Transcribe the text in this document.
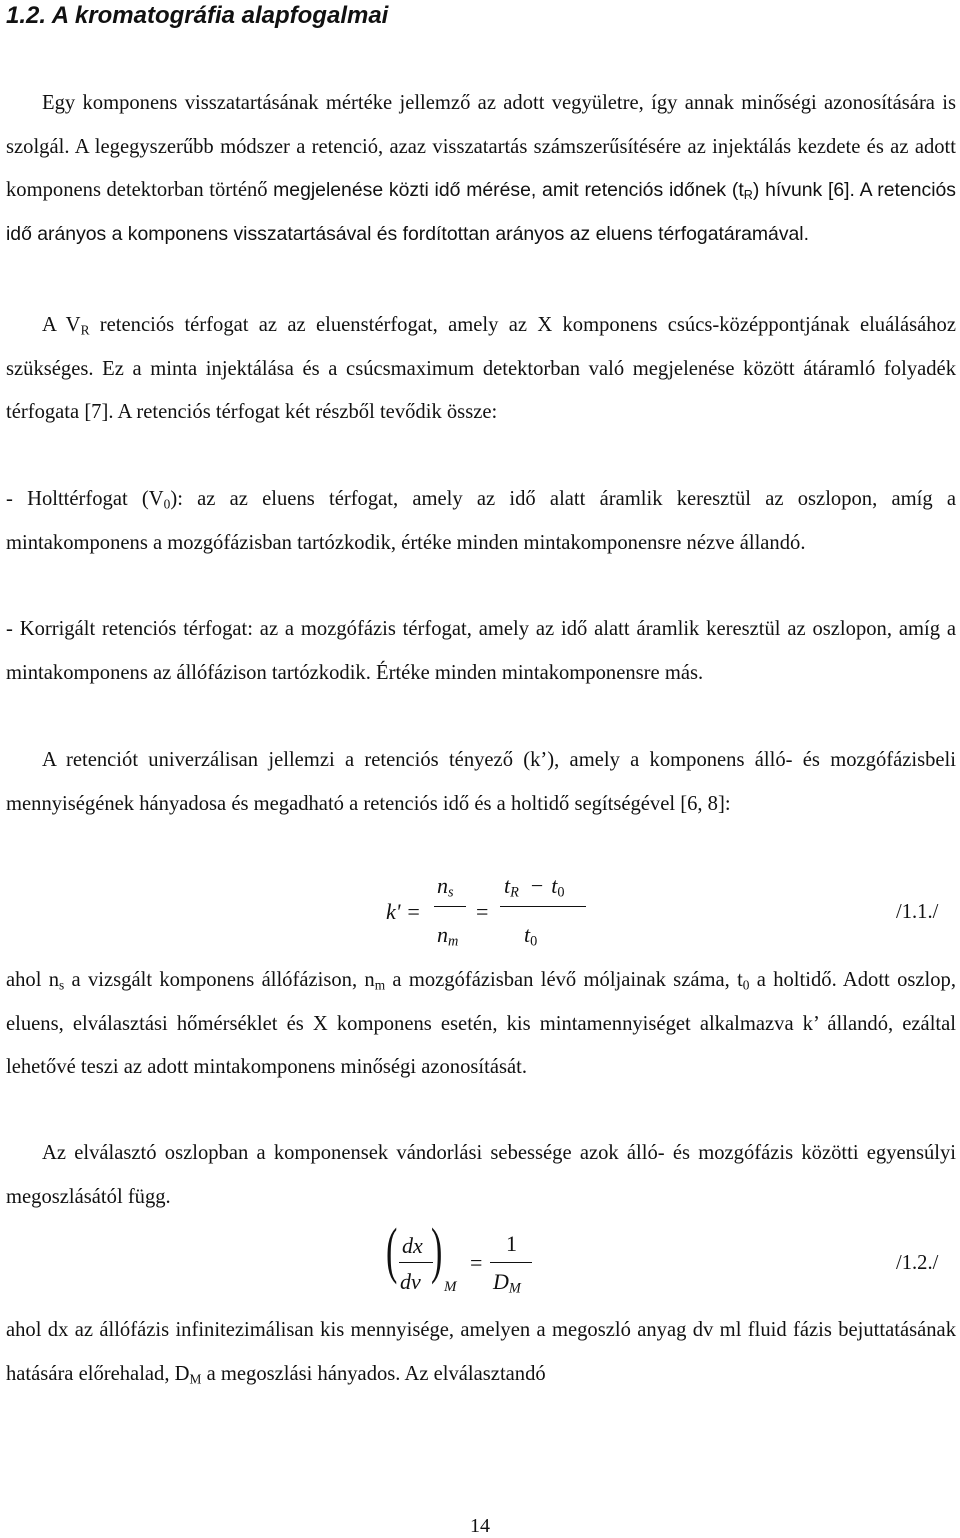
1.2. A kromatográfia alapfogalmai
Egy komponens visszatartásának mértéke jellemző az adott vegyületre, így annak minőségi azonosítására is szolgál. A legegyszerűbb módszer a retenció, azaz visszatartás számszerűsítésére az injektálás kezdete és az adott komponens detektorban történő megjelenése közti idő mérése, amit retenciós időnek $(t_R)$ hívunk [6]. A retenciós idő arányos a komponens visszatartásával és fordítottan arányos az eluens térfogatáramával.
A $V_R$ retenciós térfogat az az eluenstérfogat, amely az X komponens csúcs-középpontjának eluálásához szükséges. Ez a minta injektálása és a csúcsmaximum detektorban való megjelenése között átáramló folyadék térfogata [7]. A retenciós térfogat két részből tevődik össze:
- Holttérfogat $(V_0)$: az az eluens térfogat, amely az idő alatt áramlik keresztül az oszlopon, amíg a mintakomponens a mozgófázisban tartózkodik, értéke minden mintakomponensre nézve állandó.
- Korrigált retenciós térfogat: az a mozgófázis térfogat, amely az idő alatt áramlik keresztül az oszlopon, amíg a mintakomponens az állófázison tartózkodik. Értéke minden mintakomponensre más.
A retenciót univerzálisan jellemzi a retenciós tényező (k’), amely a komponens álló- és mozgófázisbeli mennyiségének hányadosa és megadható a retenciós idő és a holtidő segítségével [6, 8]:
k' =
$n_s$
$n_m$
=
$t_R - t_0$
$t_0$
/1.1./
ahol $n_s$ a vizsgált komponens állófázison, $n_m$ a mozgófázisban lévő móljainak száma, $t_0$ a holtidő. Adott oszlop, eluens, elválasztási hőmérséklet és X komponens esetén, kis mintamennyiséget alkalmazva k’ állandó, ezáltal lehetővé teszi az adott mintakomponens minőségi azonosítását.
Az elválasztó oszlopban a komponensek vándorlási sebessége azok álló- és mozgófázis közötti egyensúlyi megoszlásától függ.
( dx
dv )
M
=
1
$D_M$
/1.2./
ahol dx az állófázis infinitezimálisan kis mennyisége, amelyen a megoszló anyag dv ml fluid fázis bejuttatásának hatására előrehalad, $D_M$ a megoszlási hányados. Az elválasztandó
14
